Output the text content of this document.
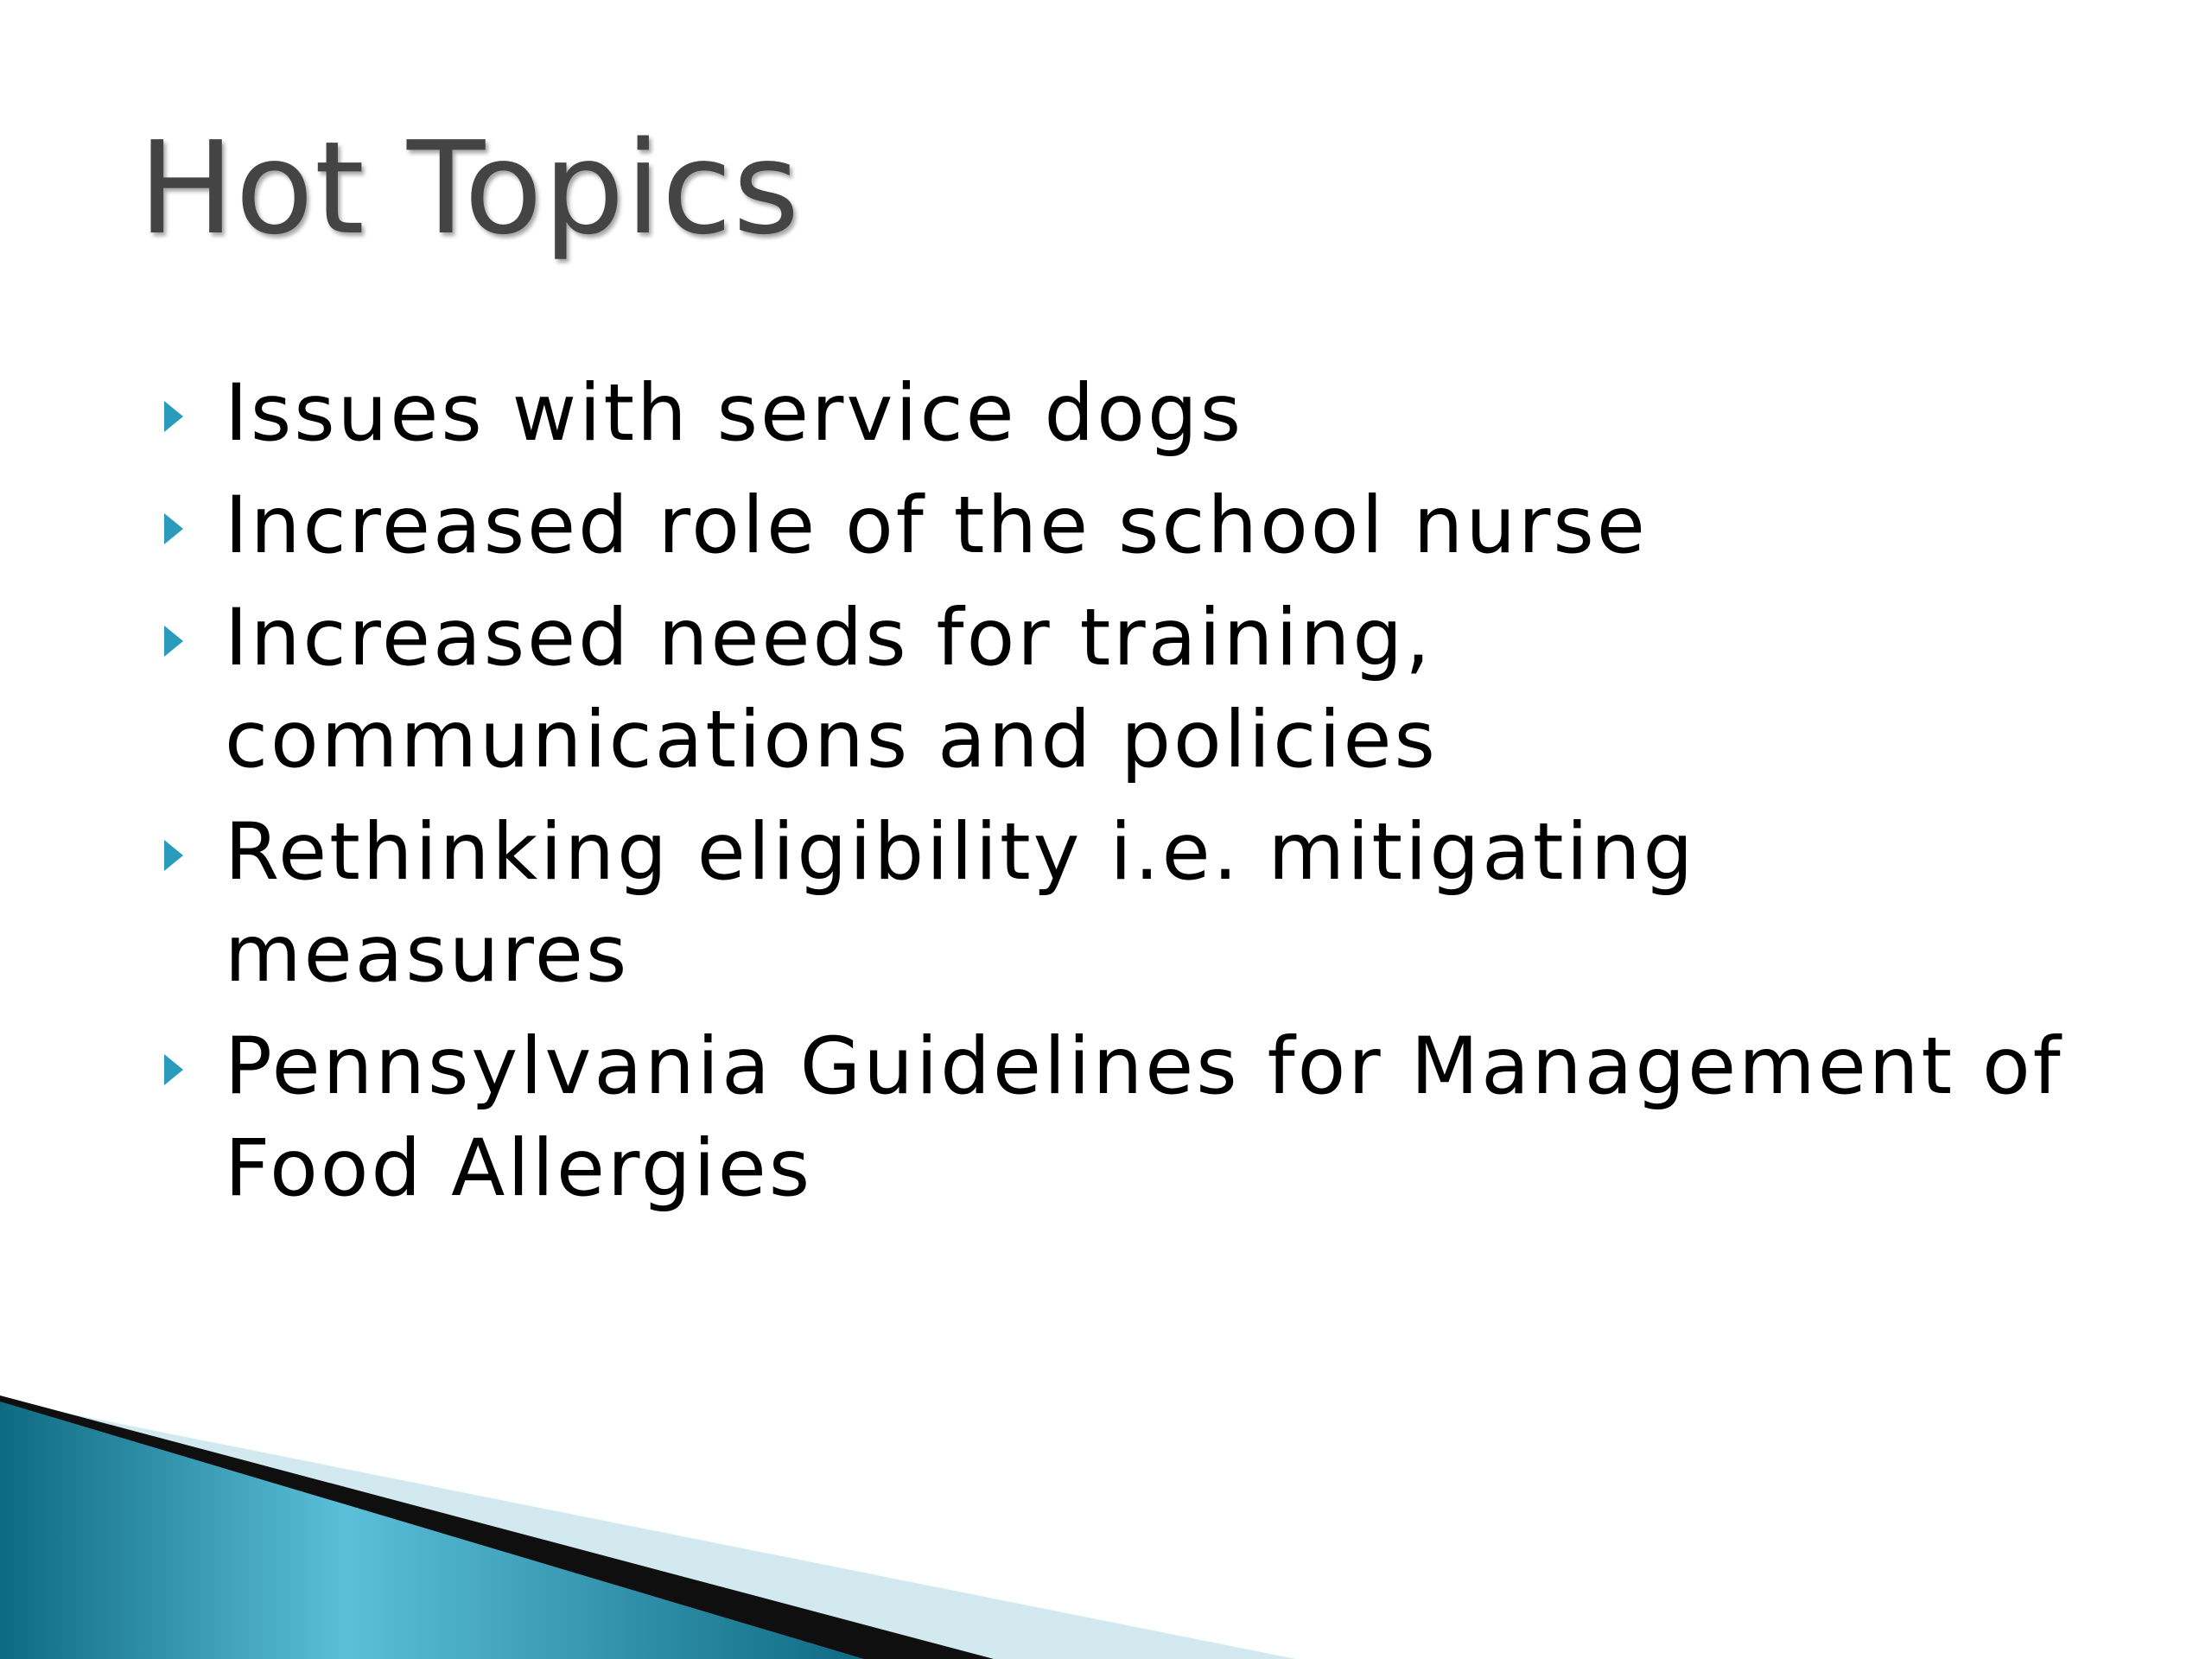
Hot Topics
Issues with service dogs
Increased role of the school nurse
Increased needs for training, communications and policies
Rethinking eligibility i.e. mitigating measures
Pennsylvania Guidelines for Management of Food Allergies
